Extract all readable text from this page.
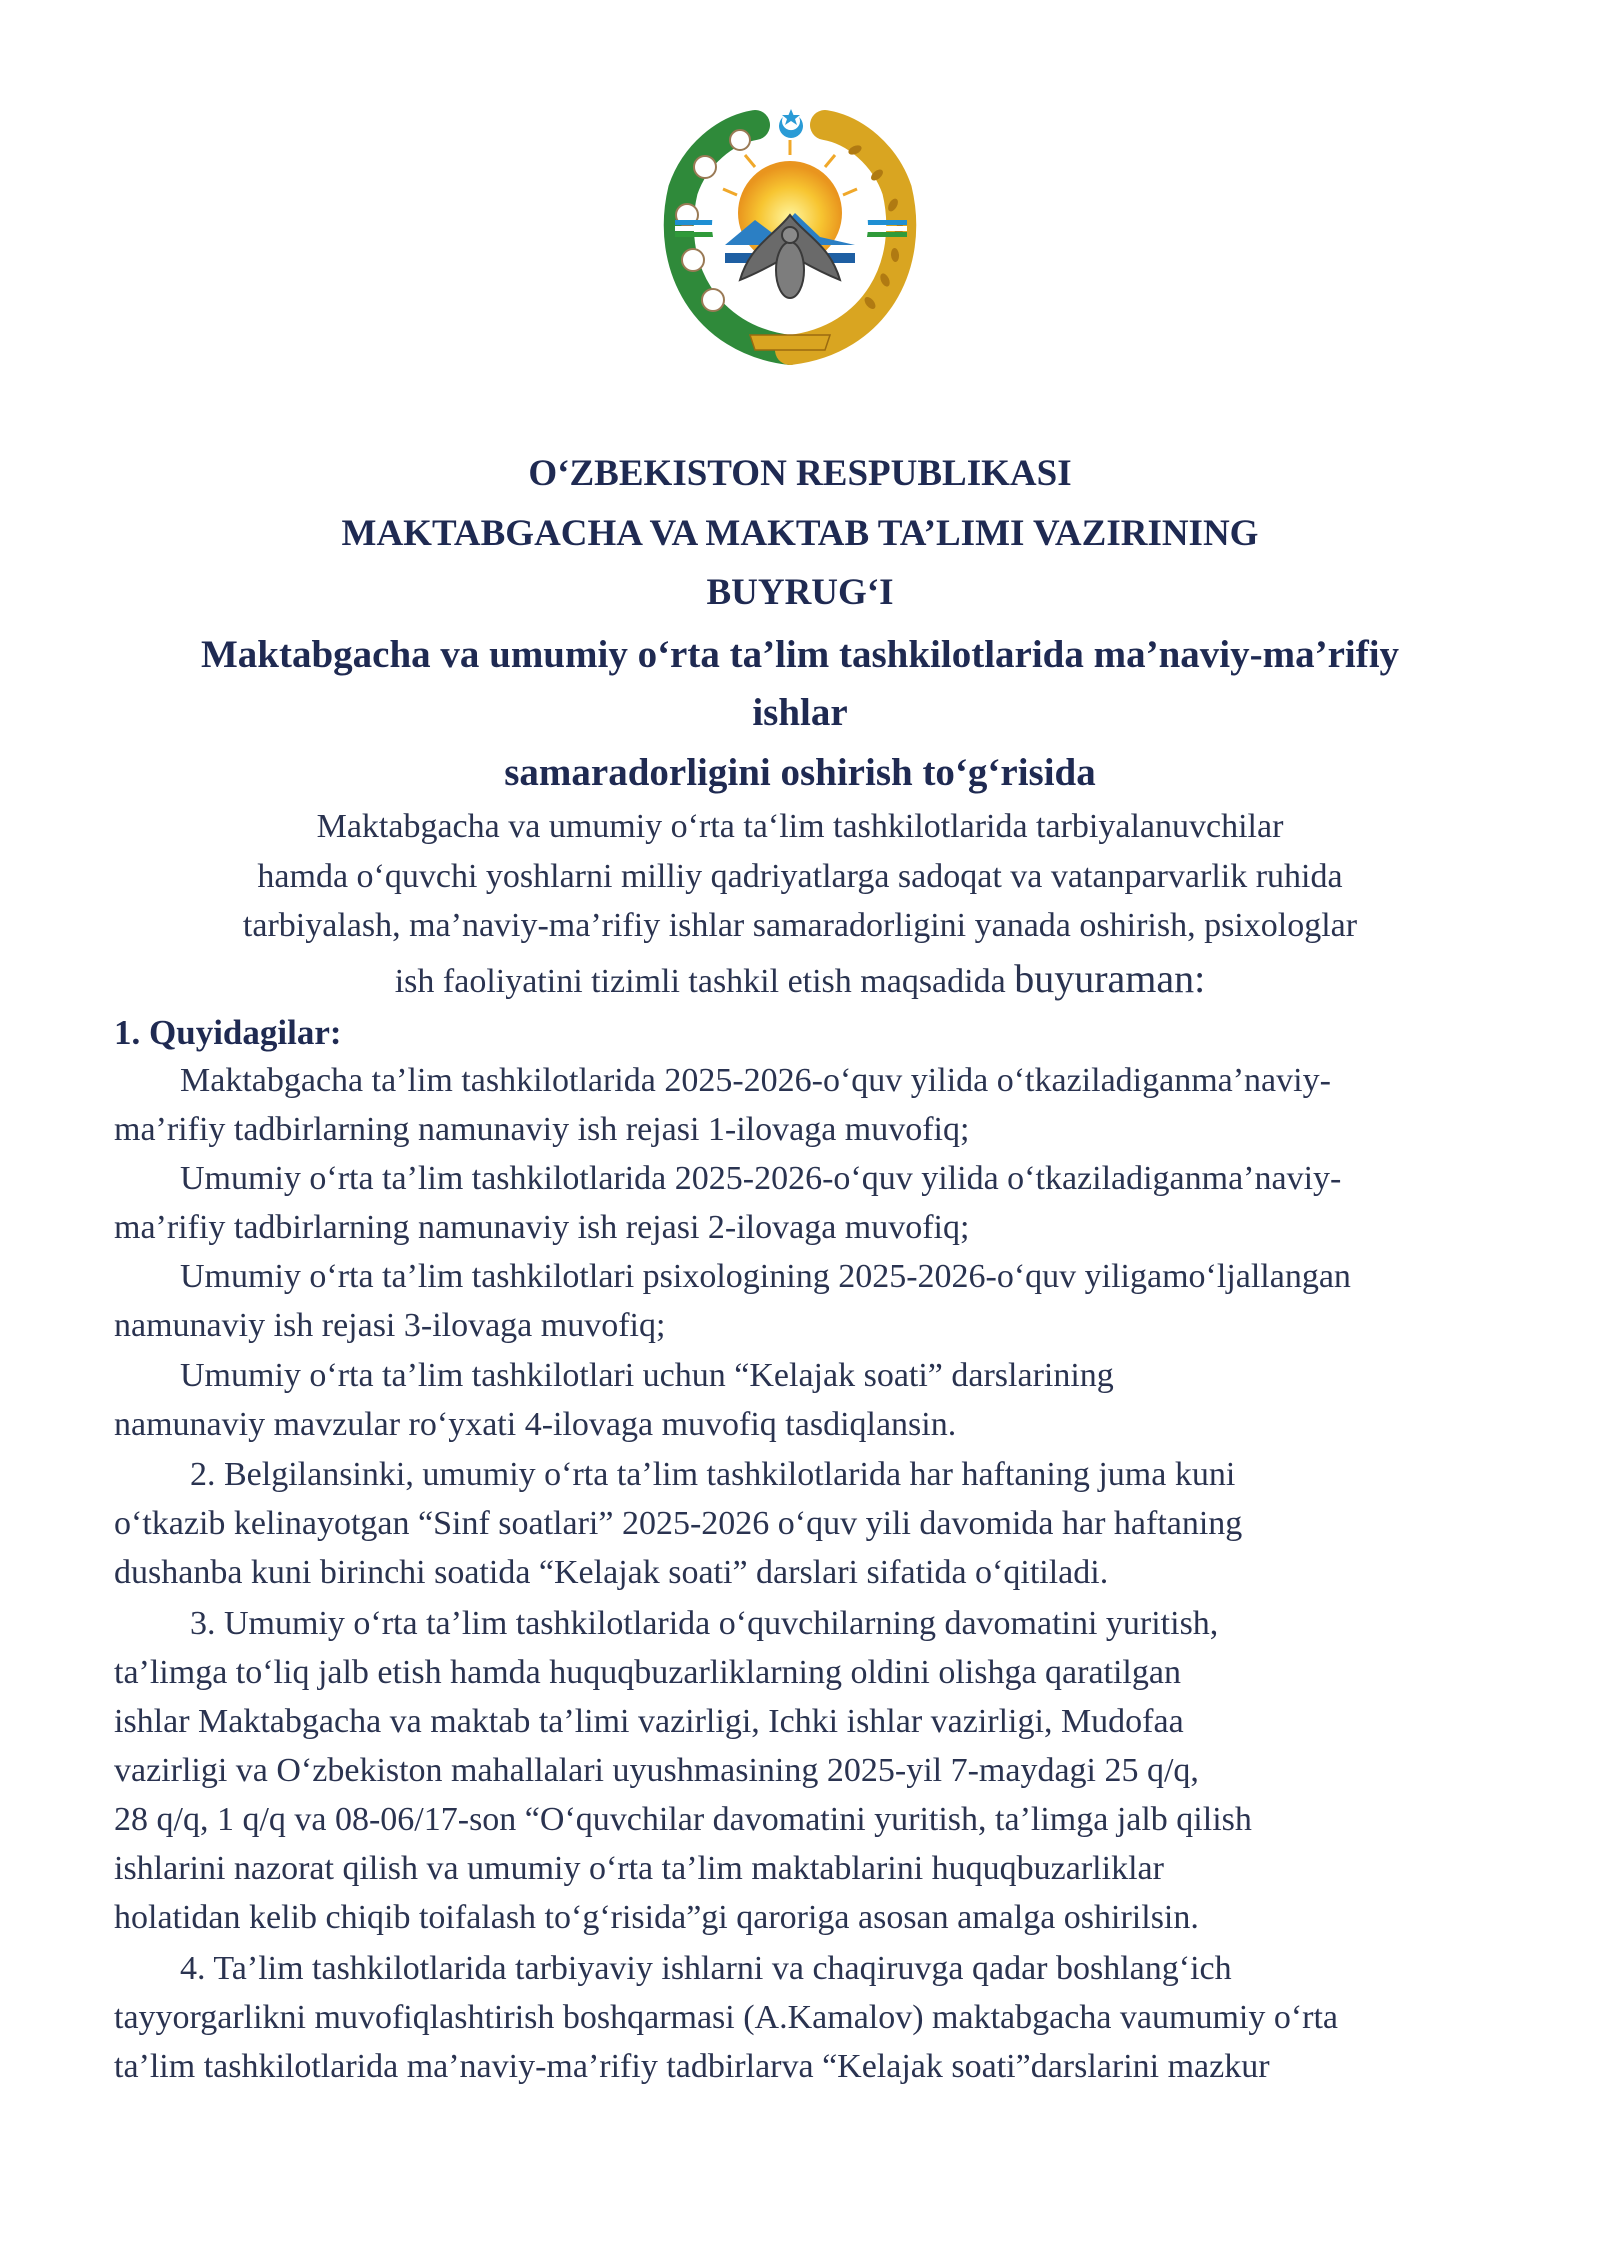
O‘ZBEKISTON RESPUBLIKASI
MAKTABGACHA VA MAKTAB TA’LIMI VAZIRINING
BUYRUG‘I
Maktabgacha va umumiy o‘rta ta’lim tashkilotlarida ma’naviy-ma’rifiy
ishlar
samaradorligini oshirish to‘g‘risida
Maktabgacha va umumiy o‘rta ta‘lim tashkilotlarida tarbiyalanuvchilar
hamda o‘quvchi yoshlarni milliy qadriyatlarga sadoqat va vatanparvarlik ruhida
tarbiyalash, ma’naviy-ma’rifiy ishlar samaradorligini yanada oshirish, psixologlar
ish faoliyatini tizimli tashkil etish maqsadida buyuraman:
1. Quyidagilar:
Maktabgacha ta’lim tashkilotlarida 2025-2026-o‘quv yilida o‘tkaziladiganma’naviy-
ma’rifiy tadbirlarning namunaviy ish rejasi 1-ilovaga muvofiq;
Umumiy o‘rta ta’lim tashkilotlarida 2025-2026-o‘quv yilida o‘tkaziladiganma’naviy-
ma’rifiy tadbirlarning namunaviy ish rejasi 2-ilovaga muvofiq;
Umumiy o‘rta ta’lim tashkilotlari psixologining 2025-2026-o‘quv yiligamo‘ljallangan
namunaviy ish rejasi 3-ilovaga muvofiq;
Umumiy o‘rta ta’lim tashkilotlari uchun “Kelajak soati” darslarining
namunaviy mavzular ro‘yxati 4-ilovaga muvofiq tasdiqlansin.
2. Belgilansinki, umumiy o‘rta ta’lim tashkilotlarida har haftaning juma kuni
o‘tkazib kelinayotgan “Sinf soatlari” 2025-2026 o‘quv yili davomida har haftaning
dushanba kuni birinchi soatida “Kelajak soati” darslari sifatida o‘qitiladi.
3. Umumiy o‘rta ta’lim tashkilotlarida o‘quvchilarning davomatini yuritish,
ta’limga to‘liq jalb etish hamda huquqbuzarliklarning oldini olishga qaratilgan
ishlar Maktabgacha va maktab ta’limi vazirligi, Ichki ishlar vazirligi, Mudofaa
vazirligi va O‘zbekiston mahallalari uyushmasining 2025-yil 7-maydagi 25 q/q,
28 q/q, 1 q/q va 08-06/17-son “O‘quvchilar davomatini yuritish, ta’limga jalb qilish
ishlarini nazorat qilish va umumiy o‘rta ta’lim maktablarini huquqbuzarliklar
holatidan kelib chiqib toifalash to‘g‘risida”gi qaroriga asosan amalga oshirilsin.
4. Ta’lim tashkilotlarida tarbiyaviy ishlarni va chaqiruvga qadar boshlang‘ich
tayyorgarlikni muvofiqlashtirish boshqarmasi (A.Kamalov) maktabgacha vaumumiy o‘rta
ta’lim tashkilotlarida ma’naviy-ma’rifiy tadbirlarva “Kelajak soati”darslarini mazkur
